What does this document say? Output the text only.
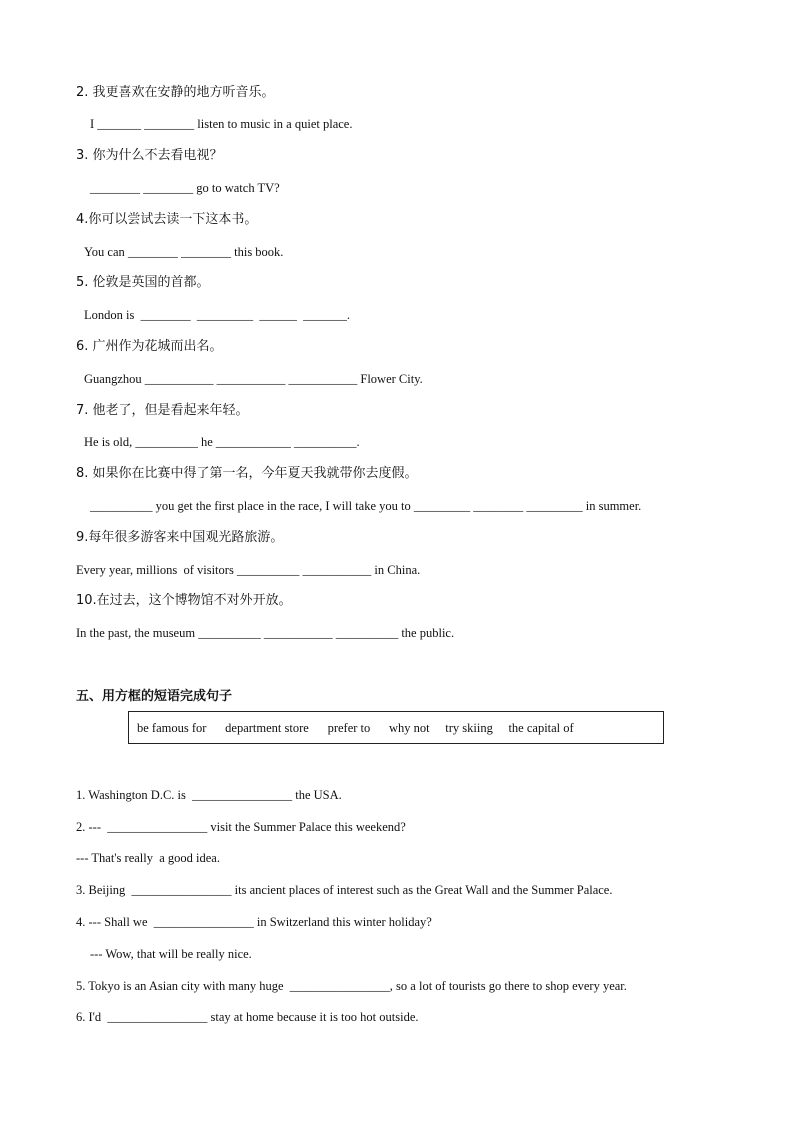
2. 我更喜欢在安静的地方听音乐。
I _______ ________ listen to music in a quiet place.
3. 你为什么不去看电视？
________ ________ go to watch TV?
4.你可以尝试去读一下这本书。
You can ________ ________ this book.
5. 伦敦是英国的首都。
London is  ________  _________  ______  _______.
6. 广州作为花城而出名。
Guangzhou ___________ ___________ ___________ Flower City.
7. 他老了，但是看起来年轻。
He is old, __________ he ____________ __________.
8. 如果你在比赛中得了第一名，今年夏天我就带你去度假。
__________ you get the first place in the race, I will take you to _________ ________ _________ in summer.
9.每年很多游客来中国观光路旅游。
Every year, millions  of visitors __________ ___________ in China.
10.在过去，这个博物馆不对外开放。
In the past, the museum __________ ___________ __________ the public.
五、用方框的短语完成句子
be famous for      department store      prefer to      why not     try skiing     the capital of
1. Washington D.C. is  ________________ the USA.
2. ---  ________________ visit the Summer Palace this weekend?
--- That's really  a good idea.
3. Beijing  ________________ its ancient places of interest such as the Great Wall and the Summer Palace.
4. --- Shall we  ________________ in Switzerland this winter holiday?
--- Wow, that will be really nice.
5. Tokyo is an Asian city with many huge  ________________, so a lot of tourists go there to shop every year.
6. I'd  ________________ stay at home because it is too hot outside.
